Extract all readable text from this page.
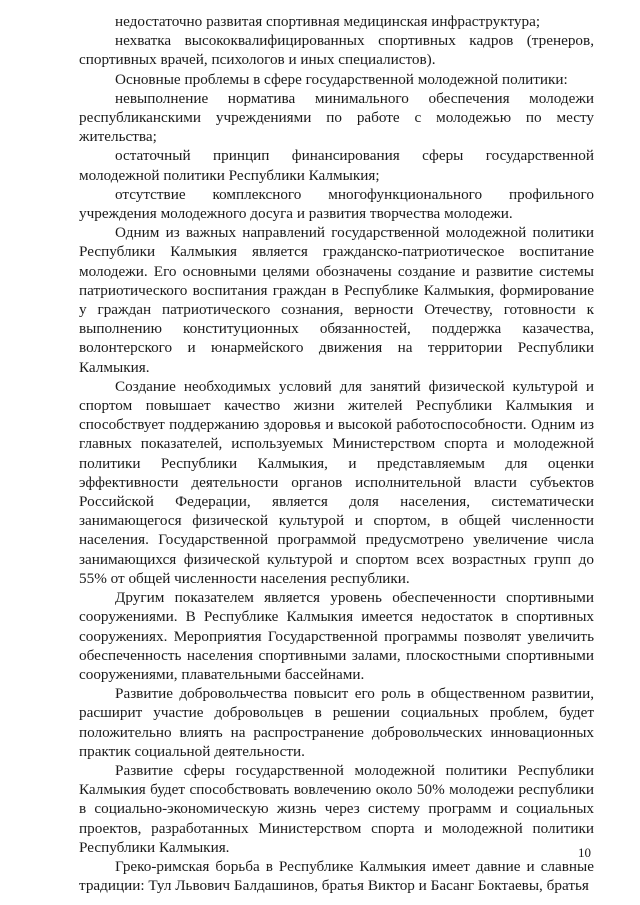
недостаточно развитая спортивная медицинская инфраструктура;

нехватка высококвалифицированных спортивных кадров (тренеров, спортивных врачей, психологов и иных специалистов).

Основные проблемы в сфере государственной молодежной политики:

невыполнение норматива минимального обеспечения молодежи республиканскими учреждениями по работе с молодежью по месту жительства;

остаточный принцип финансирования сферы государственной молодежной политики Республики Калмыкия;

отсутствие комплексного многофункционального профильного учреждения молодежного досуга и развития творчества молодежи.

Одним из важных направлений государственной молодежной политики Республики Калмыкия является гражданско-патриотическое воспитание молодежи. Его основными целями обозначены создание и развитие системы патриотического воспитания граждан в Республике Калмыкия, формирование у граждан патриотического сознания, верности Отечеству, готовности к выполнению конституционных обязанностей, поддержка казачества, волонтерского и юнармейского движения на территории Республики Калмыкия.

Создание необходимых условий для занятий физической культурой и спортом повышает качество жизни жителей Республики Калмыкия и способствует поддержанию здоровья и высокой работоспособности. Одним из главных показателей, используемых Министерством спорта и молодежной политики Республики Калмыкия, и представляемым для оценки эффективности деятельности органов исполнительной власти субъектов Российской Федерации, является доля населения, систематически занимающегося физической культурой и спортом, в общей численности населения. Государственной программой предусмотрено увеличение числа занимающихся физической культурой и спортом всех возрастных групп до 55% от общей численности населения республики.

Другим показателем является уровень обеспеченности спортивными сооружениями. В Республике Калмыкия имеется недостаток в спортивных сооружениях. Мероприятия Государственной программы позволят увеличить обеспеченность населения спортивными залами, плоскостными спортивными сооружениями, плавательными бассейнами.

Развитие добровольчества повысит его роль в общественном развитии, расширит участие добровольцев в решении социальных проблем, будет положительно влиять на распространение добровольческих инновационных практик социальной деятельности.

Развитие сферы государственной молодежной политики Республики Калмыкия будет способствовать вовлечению около 50% молодежи республики в социально-экономическую жизнь через систему программ и социальных проектов, разработанных Министерством спорта и молодежной политики Республики Калмыкия.

Греко-римская борьба в Республике Калмыкия имеет давние и славные традиции: Тул Львович Балдашинов, братья Виктор и Басанг Боктаевы, братья

10
